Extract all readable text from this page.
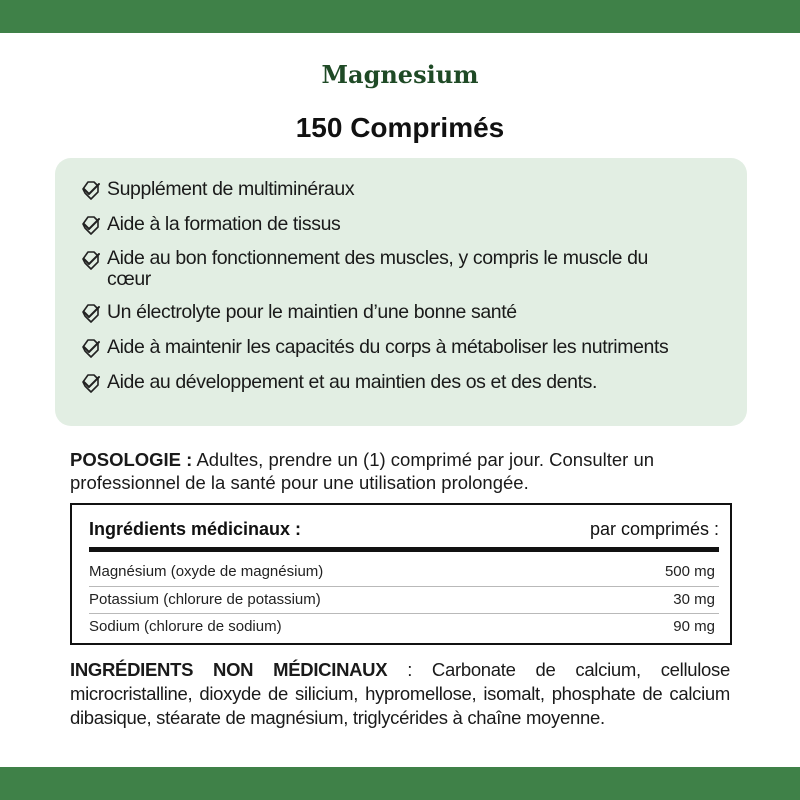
Magnesium
150 Comprimés
Supplément de multiminéraux
Aide à la formation de tissus
Aide au bon fonctionnement des muscles, y compris le muscle du cœur
Un électrolyte pour le maintien d’une bonne santé
Aide à maintenir les capacités du corps à métaboliser les nutriments
Aide au développement et au maintien des os et des dents.
POSOLOGIE : Adultes, prendre un (1) comprimé par jour. Consulter un professionnel de la santé pour une utilisation prolongée.
Ingrédients médicinaux :	par comprimés :
Magnésium (oxyde de magnésium)	500 mg
Potassium (chlorure de potassium)	30 mg
Sodium (chlorure de sodium)	90 mg
INGRÉDIENTS NON MÉDICINAUX : Carbonate de calcium, cellulose microcristalline, dioxyde de silicium, hypromellose, isomalt, phosphate de calcium dibasique, stéarate de magnésium, triglycérides à chaîne moyenne.
